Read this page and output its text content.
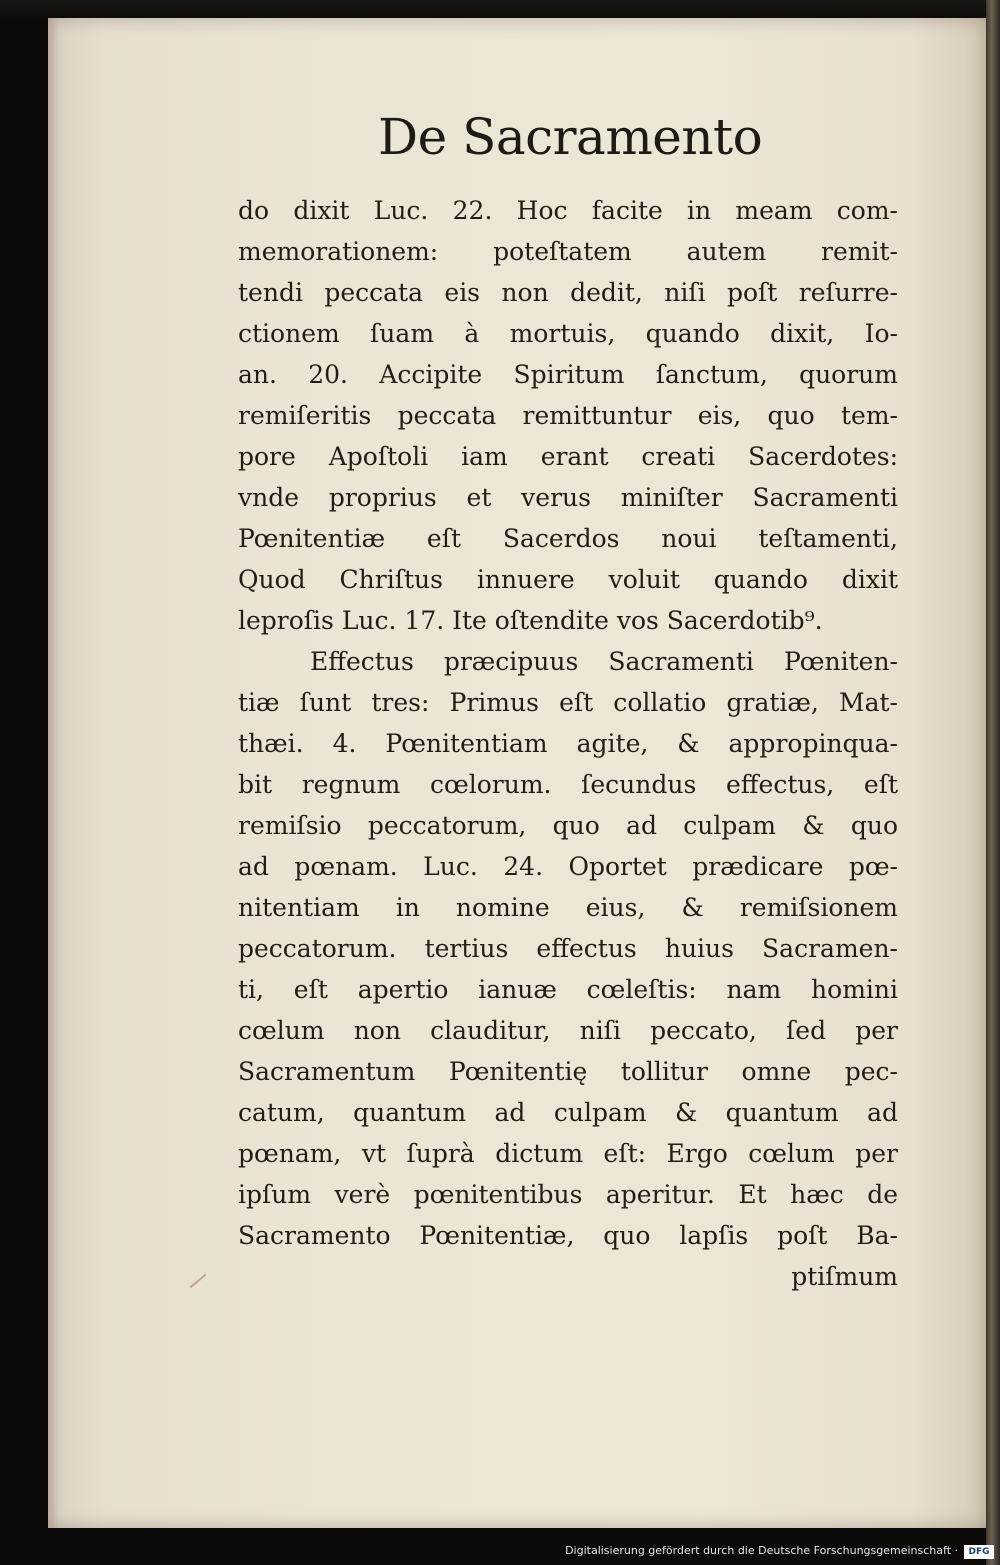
De Sacramento
do dixit Luc. 22. Hoc facite in meam com-
memorationem: poteſtatem autem remit-
tendi peccata eis non dedit, niſi poſt reſurre-
ctionem ſuam à mortuis, quando dixit, Io-
an. 20. Accipite Spiritum ſanctum, quorum
remiſeritis peccata remittuntur eis, quo tem-
pore Apoſtoli iam erant creati Sacerdotes:
vnde proprius et verus miniſter Sacramenti
Pœnitentiæ eſt Sacerdos noui teſtamenti,
Quod Chriſtus innuere voluit quando dixit
leproſis Luc. 17. Ite oſtendite vos Sacerdotib⁹.
Effectus præcipuus Sacramenti Pœniten-
tiæ ſunt tres: Primus eſt collatio gratiæ, Mat-
thæi. 4. Pœnitentiam agite, & appropinqua-
bit regnum cœlorum. ſecundus effectus, eſt
remiſsio peccatorum, quo ad culpam & quo
ad pœnam. Luc. 24. Oportet prædicare pœ-
nitentiam in nomine eius, & remiſsionem
peccatorum. tertius effectus huius Sacramen-
ti, eſt apertio ianuæ cœleſtis: nam homini
cœlum non clauditur, niſi peccato, ſed per
Sacramentum Pœnitentię tollitur omne pec-
catum, quantum ad culpam & quantum ad
pœnam, vt ſuprà dictum eſt: Ergo cœlum per
ipſum verè pœnitentibus aperitur. Et hæc de
Sacramento Pœnitentiæ, quo lapſis poſt Ba-
ptiſmum
Digitalisierung gefördert durch die Deutsche Forschungsgemeinschaft ·	DFG
